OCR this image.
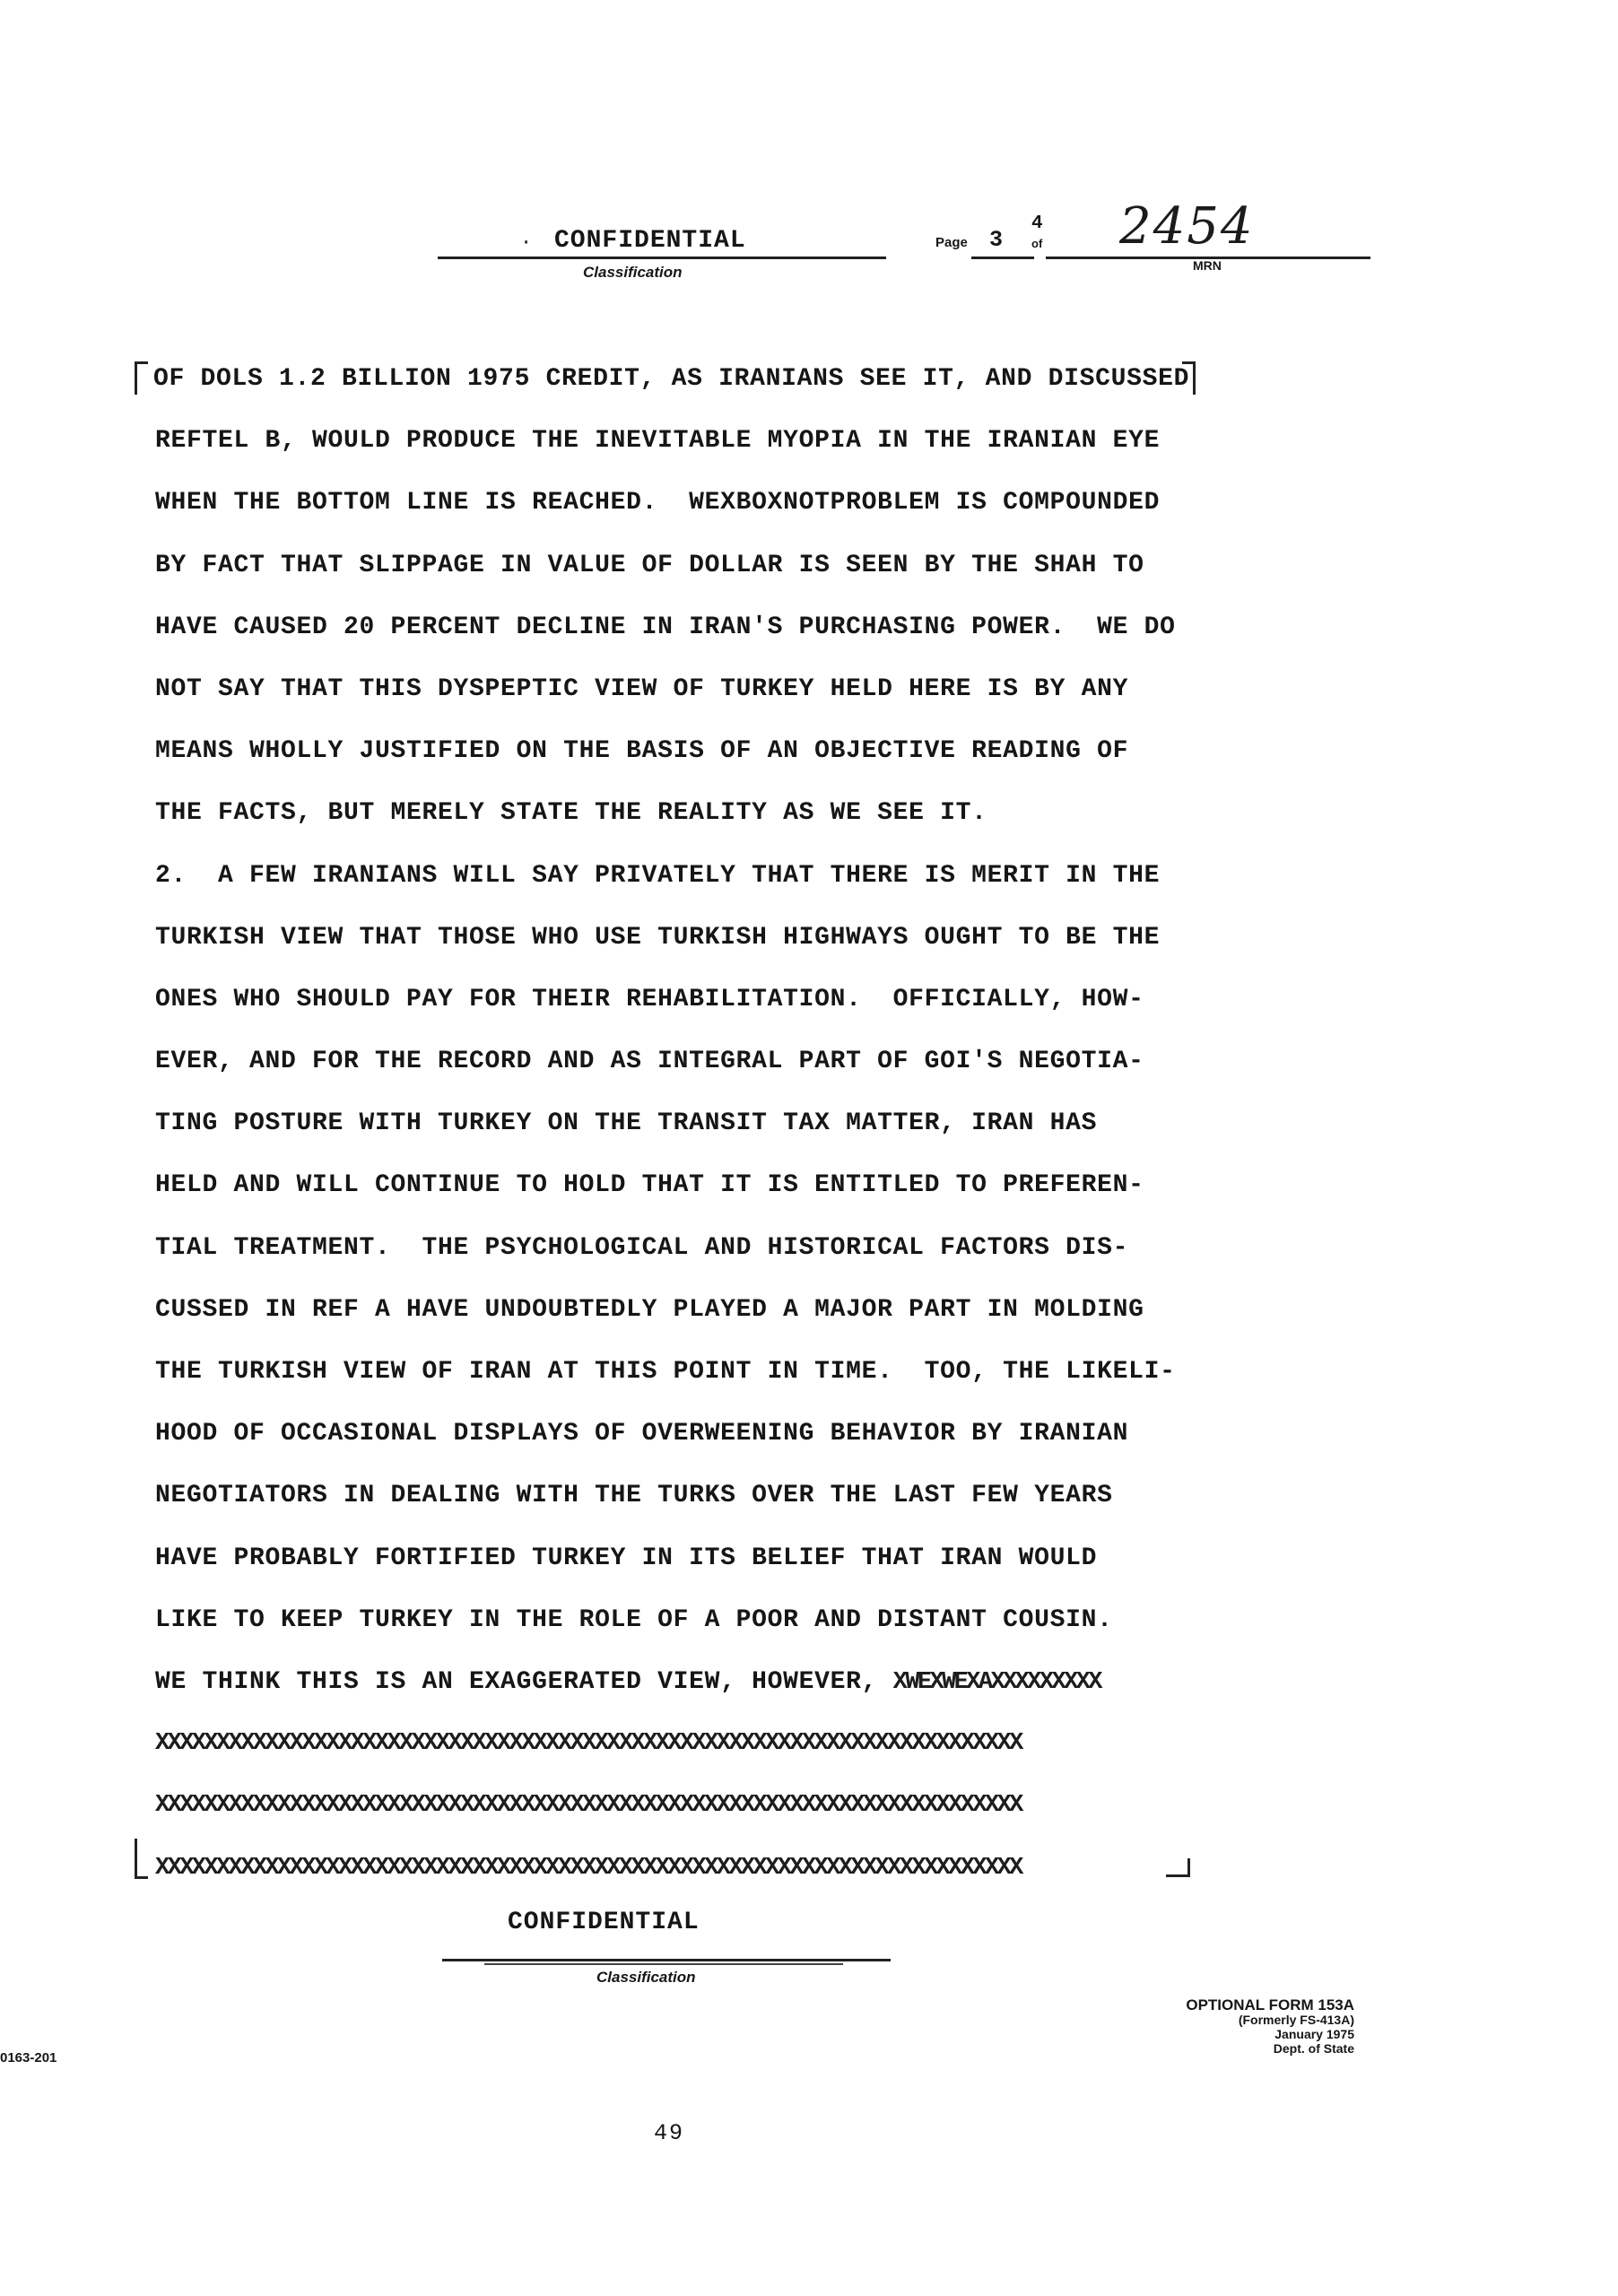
· CONFIDENTIAL
Classification
Page 3
4
of 2454
MRN
OF DOLS 1.2 BILLION 1975 CREDIT, AS IRANIANS SEE IT, AND DISCUSSED
REFTEL B, WOULD PRODUCE THE INEVITABLE MYOPIA IN THE IRANIAN EYE
WHEN THE BOTTOM LINE IS REACHED.  WEXBOXNOTPROBLEM IS COMPOUNDED
BY FACT THAT SLIPPAGE IN VALUE OF DOLLAR IS SEEN BY THE SHAH TO
HAVE CAUSED 20 PERCENT DECLINE IN IRAN'S PURCHASING POWER.  WE DO
NOT SAY THAT THIS DYSPEPTIC VIEW OF TURKEY HELD HERE IS BY ANY
MEANS WHOLLY JUSTIFIED ON THE BASIS OF AN OBJECTIVE READING OF
THE FACTS, BUT MERELY STATE THE REALITY AS WE SEE IT.
2.  A FEW IRANIANS WILL SAY PRIVATELY THAT THERE IS MERIT IN THE
TURKISH VIEW THAT THOSE WHO USE TURKISH HIGHWAYS OUGHT TO BE THE
ONES WHO SHOULD PAY FOR THEIR REHABILITATION.  OFFICIALLY, HOW-
EVER, AND FOR THE RECORD AND AS INTEGRAL PART OF GOI'S NEGOTIA-
TING POSTURE WITH TURKEY ON THE TRANSIT TAX MATTER, IRAN HAS
HELD AND WILL CONTINUE TO HOLD THAT IT IS ENTITLED TO PREFEREN-
TIAL TREATMENT.  THE PSYCHOLOGICAL AND HISTORICAL FACTORS DIS-
CUSSED IN REF A HAVE UNDOUBTEDLY PLAYED A MAJOR PART IN MOLDING
THE TURKISH VIEW OF IRAN AT THIS POINT IN TIME.  TOO, THE LIKELI-
HOOD OF OCCASIONAL DISPLAYS OF OVERWEENING BEHAVIOR BY IRANIAN
NEGOTIATORS IN DEALING WITH THE TURKS OVER THE LAST FEW YEARS
HAVE PROBABLY FORTIFIED TURKEY IN ITS BELIEF THAT IRAN WOULD
LIKE TO KEEP TURKEY IN THE ROLE OF A POOR AND DISTANT COUSIN.
WE THINK THIS IS AN EXAGGERATED VIEW, HOWEVER, XWEXWEXAXXXXXXXXX
XXXXXXXXXXXXXXXXXXXXXXXXXXXXXXXXXXXXXXXXXXXXXXXXXXXXXXXXXXXXXXXXXXXXXXX
XXXXXXXXXXXXXXXXXXXXXXXXXXXXXXXXXXXXXXXXXXXXXXXXXXXXXXXXXXXXXXXXXXXXXXX
XXXXXXXXXXXXXXXXXXXXXXXXXXXXXXXXXXXXXXXXXXXXXXXXXXXXXXXXXXXXXXXXXXXXXXX
CONFIDENTIAL
Classification
OPTIONAL FORM 153A
(Formerly FS-413A)
January 1975
Dept. of State
0163-201
49
